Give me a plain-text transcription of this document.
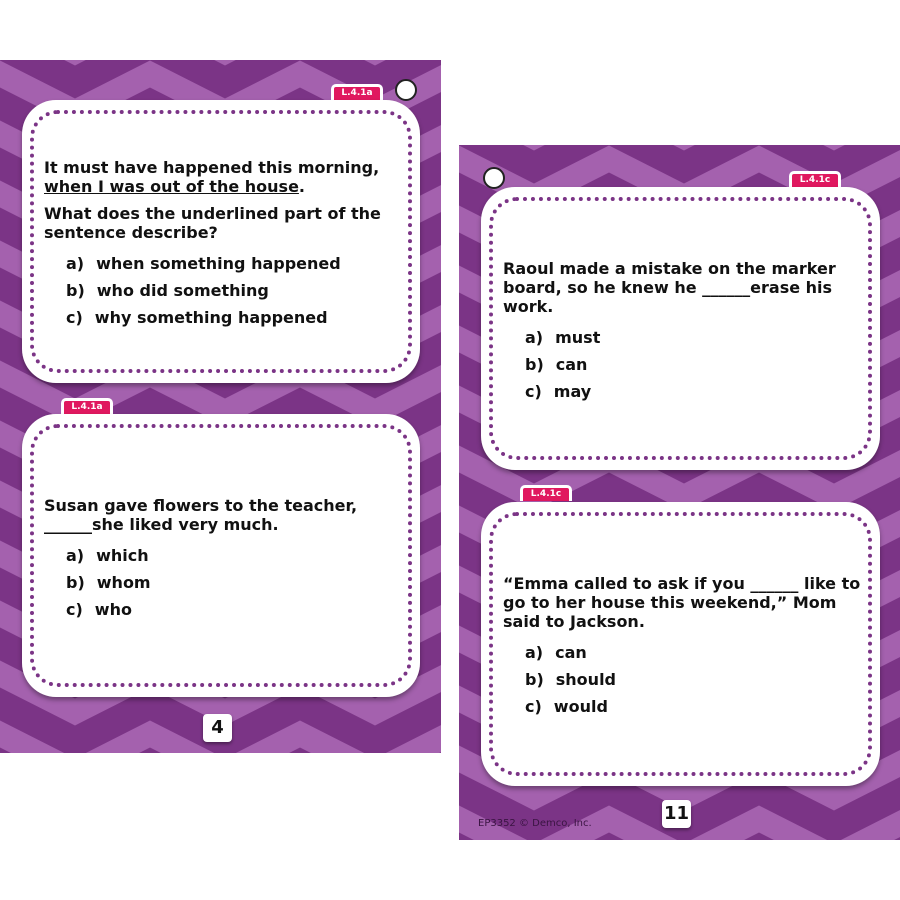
L.4.1a

It must have happened this morning,
when I was out of the house.

What does the underlined part of the sentence describe?

a) when something happened
b) who did something
c) why something happened
L.4.1a

Susan gave flowers to the teacher, ______she liked very much.

a) which
b) whom
c) who
4
L.4.1c

Raoul made a mistake on the marker board, so he knew he ______erase his work.

a) must
b) can
c) may
L.4.1c

“Emma called to ask if you ______ like to go to her house this weekend,” Mom said to Jackson.

a) can
b) should
c) would
EP3352 © Demco, Inc.	11
